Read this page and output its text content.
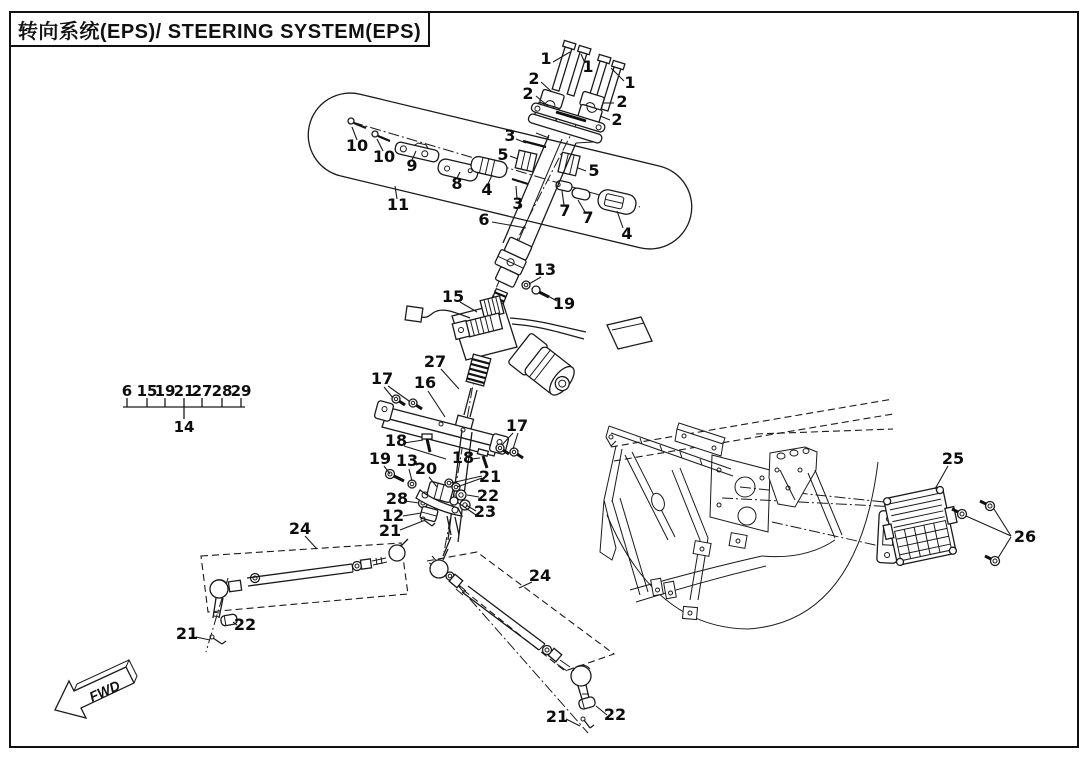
FWD
转向系统(EPS)/ STEERING SYSTEM(EPS)
1 1
1
2
2	2
2
3
3
5
5
10
10 9
8 4
4
11
6	7 7
13
19
15
27
16
17
17
18
18
19 13
20	21
22
23
28
12
21
24
24
22
21
21 22
25
26
6 15
19
21
27 28
29
14
